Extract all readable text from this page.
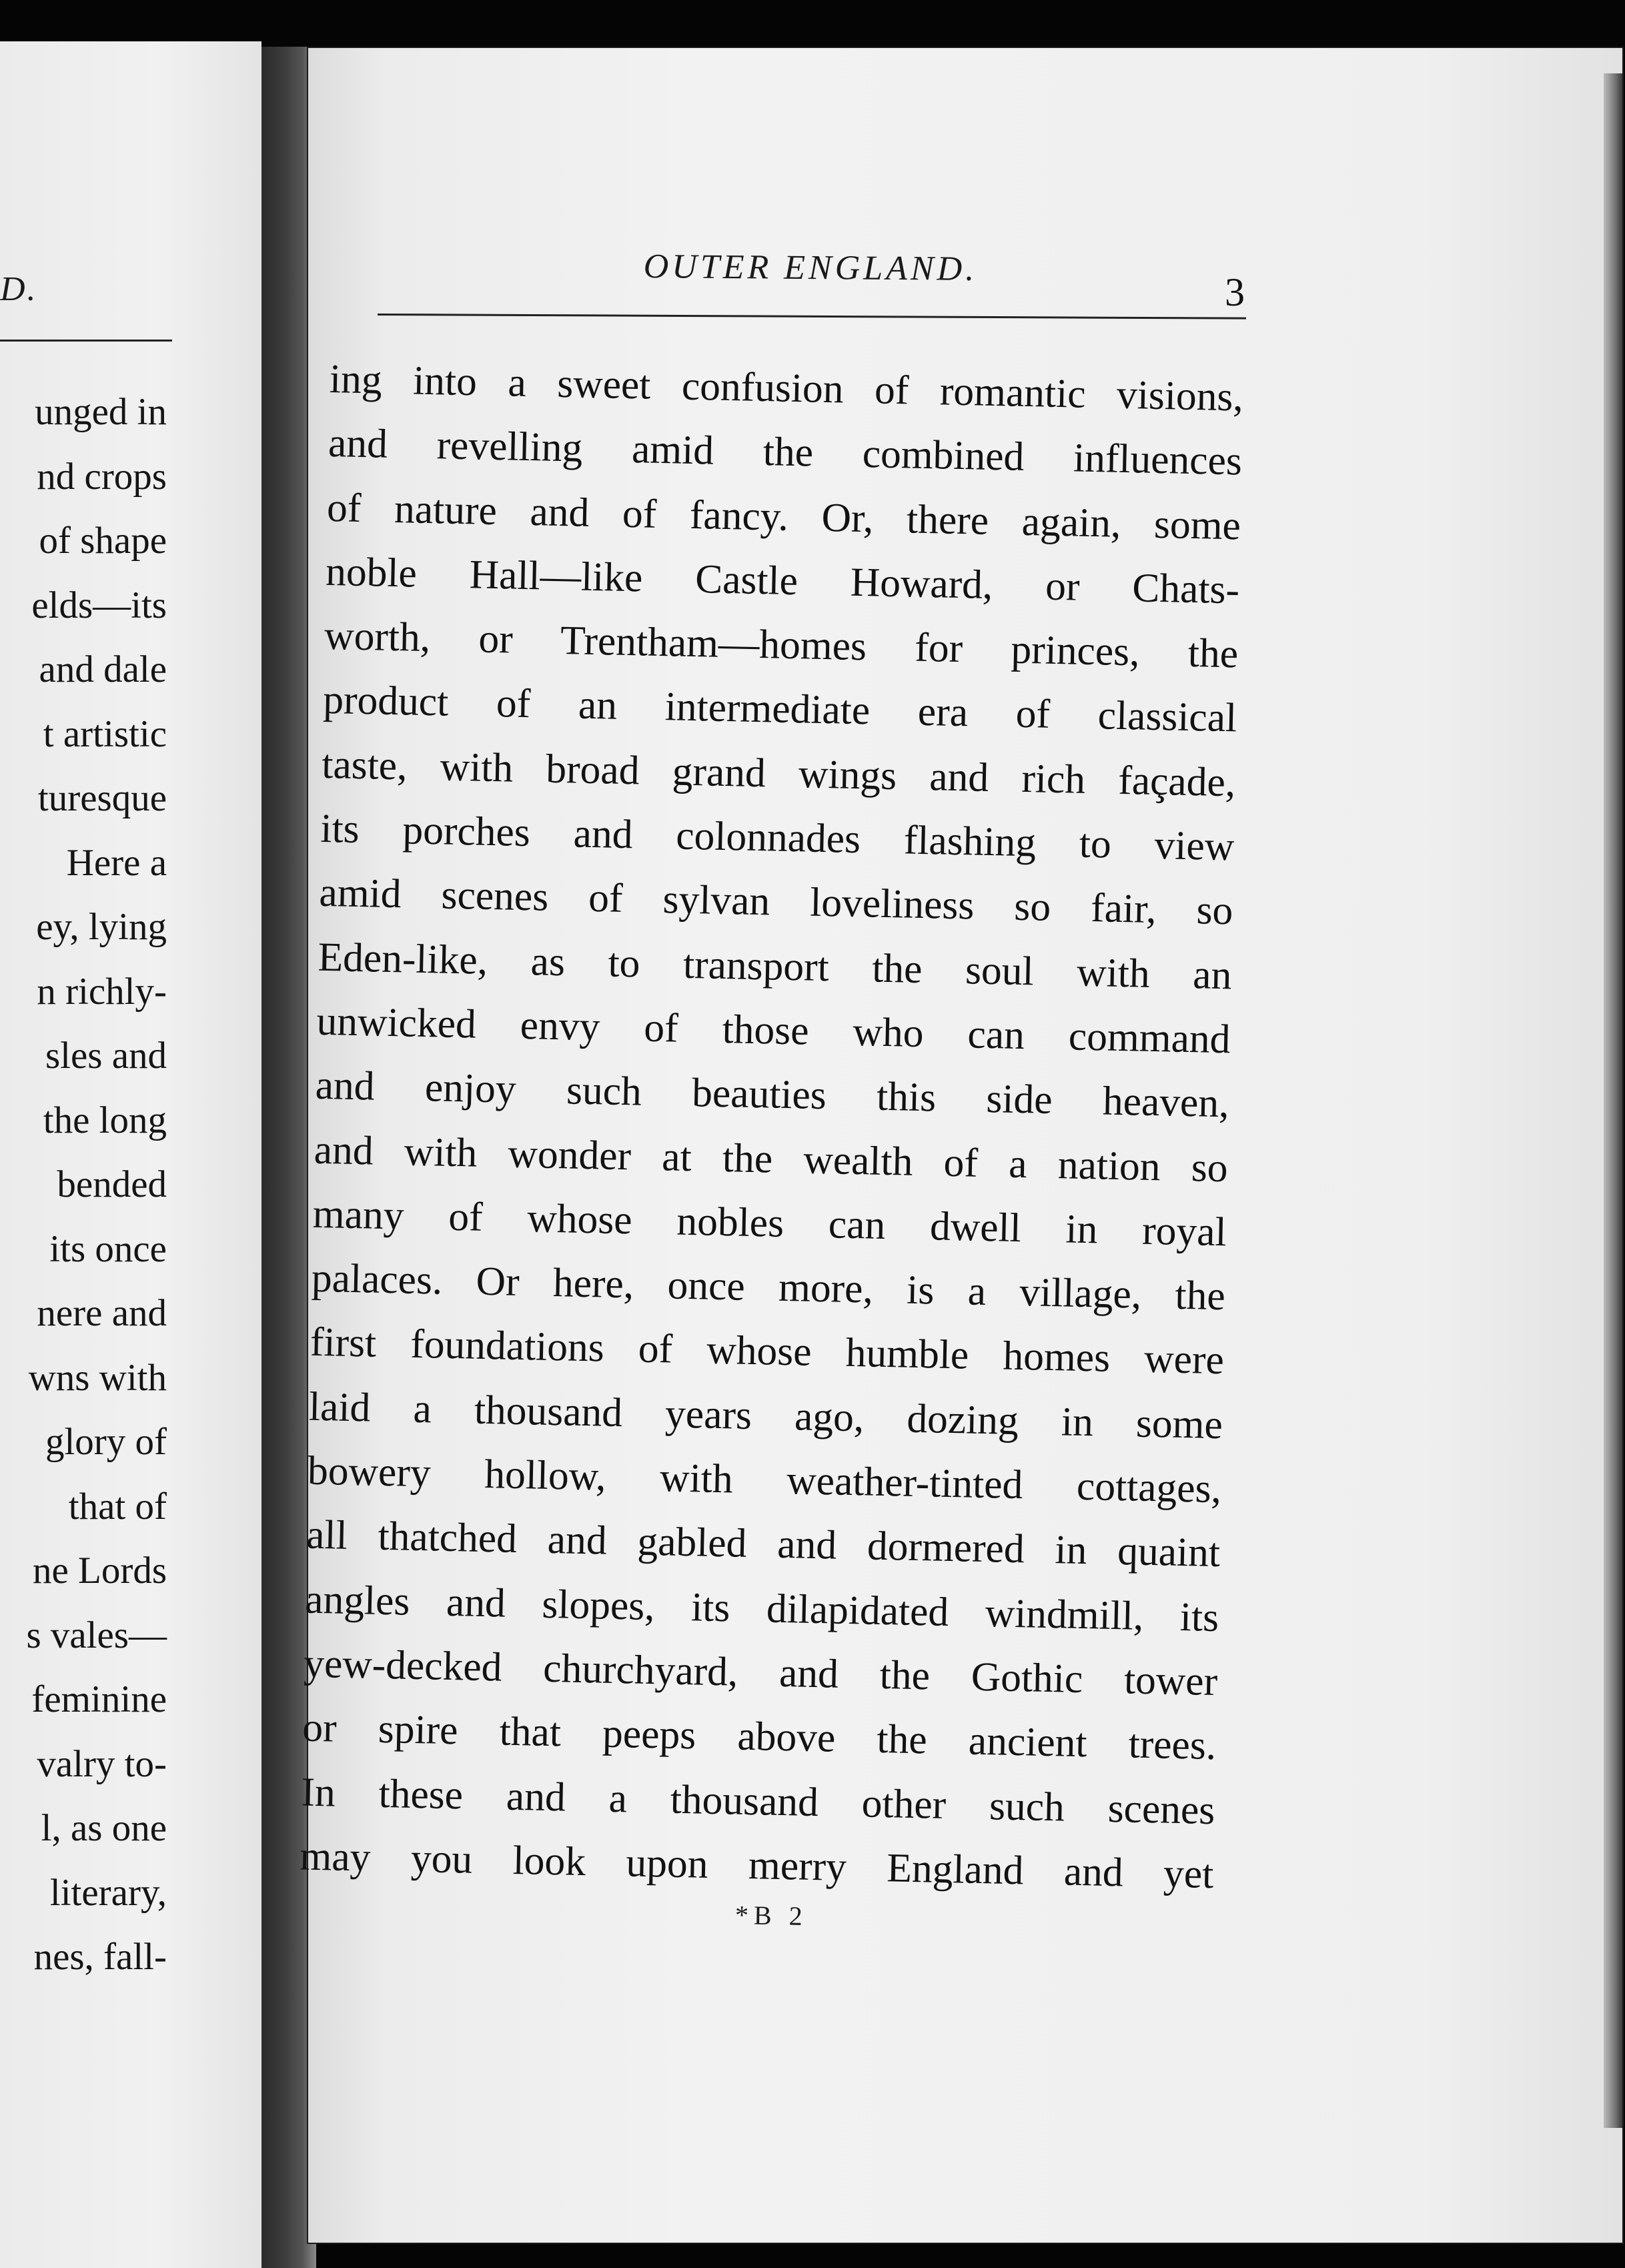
D.
unged in
nd crops
of shape
elds—its
and dale
t artistic
turesque
Here a
ey, lying
n richly-
sles and
the long
bended
its once
nere and
wns with
glory of
that of
ne Lords
s vales—
feminine
valry to-
l, as one
literary,
nes, fall-
OUTER ENGLAND.
3
ing into a sweet confusion of romantic visions,
and revelling amid the combined influences
of nature and of fancy. Or, there again, some
noble Hall—like Castle Howard, or Chats-
worth, or Trentham—homes for princes, the
product of an intermediate era of classical
taste, with broad grand wings and rich façade,
its porches and colonnades flashing to view
amid scenes of sylvan loveliness so fair, so
Eden-like, as to transport the soul with an
unwicked envy of those who can command
and enjoy such beauties this side heaven,
and with wonder at the wealth of a nation so
many of whose nobles can dwell in royal
palaces. Or here, once more, is a village, the
first foundations of whose humble homes were
laid a thousand years ago, dozing in some
bowery hollow, with weather-tinted cottages,
all thatched and gabled and dormered in quaint
angles and slopes, its dilapidated windmill, its
yew-decked churchyard, and the Gothic tower
or spire that peeps above the ancient trees.
In these and a thousand other such scenes
may you look upon merry England and yet
*B 2
